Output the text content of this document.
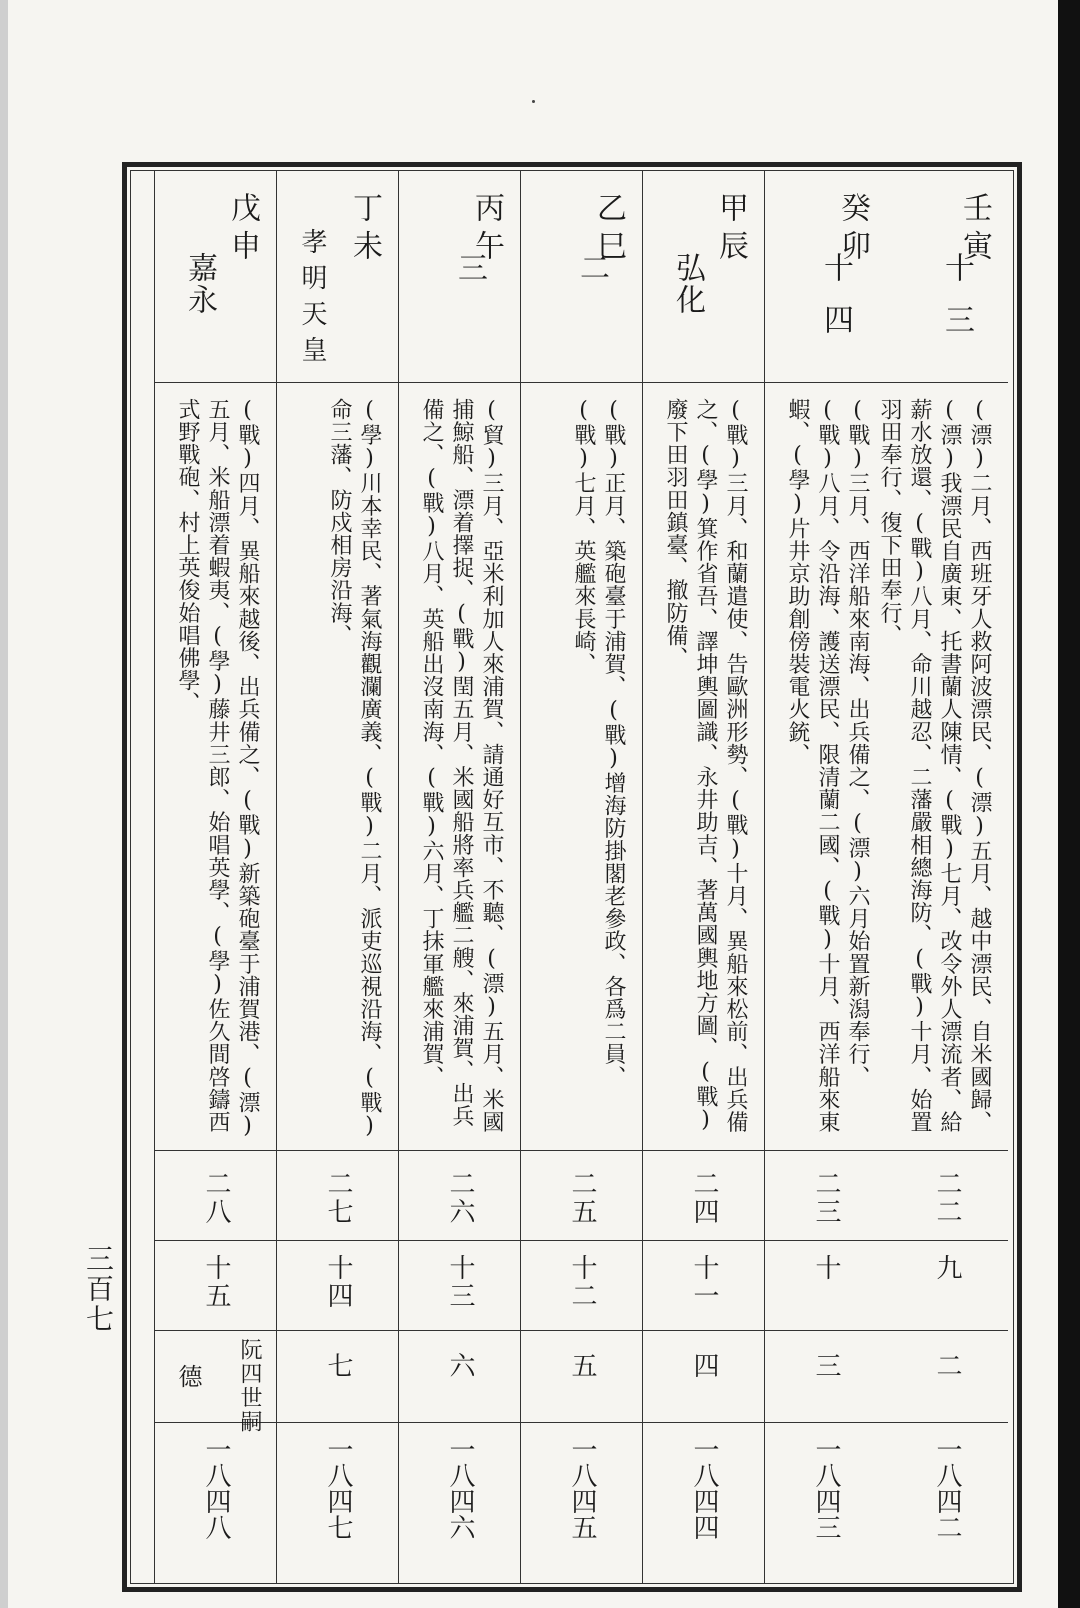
壬寅
十三
(漂)二月、西班牙人救阿波漂民、(漂)五月、越中漂民、自米國歸、(漂)我漂民自廣東、托書蘭人陳情、(戰)七月、改令外人漂流者、給薪水放還、(戰)八月、命川越忍、二藩嚴相總海防、(戰)十月、始置羽田奉行、復下田奉行、
二二
九
二
一八四二
癸卯
十四
(戰)三月、西洋船來南海、出兵備之、(漂)六月始置新潟奉行、(戰)八月、令沿海、護送漂民、限清蘭二國、(戰)十月、西洋船來東蝦、(學)片井京助創傍裝電火銃、
二三
十
三
一八四三
甲辰
弘化
(戰)三月、和蘭遣使、告歐洲形勢、(戰)十月、異船來松前、出兵備之、(學)箕作省吾、譯坤輿圖識、永井助吉、著萬國輿地方圖、(戰)廢下田羽田鎮臺、撤防備、
二四
十一
四
一八四四
乙巳
二
(戰)正月、築砲臺于浦賀、(戰)增海防掛閣老參政、各爲二員、(戰)七月、英艦來長崎、
二五
十二
五
一八四五
丙午
三
(貿)三月、亞米利加人來浦賀、請通好互市、不聽、(漂)五月、米國捕鯨船、漂着擇捉、(戰)閏五月、米國船將率兵艦二艘、來浦賀、出兵備之、(戰)八月、英船出沒南海、(戰)六月、丁抹軍艦來浦賀、
二六
十三
六
一八四六
丁未
孝明天皇
(學)川本幸民、著氣海觀瀾廣義、(戰)二月、派吏巡視沿海、(戰)命三藩、防戍相房沿海、
二七
十四
七
一八四七
戊申
嘉永
(戰)四月、異船來越後、出兵備之、(戰)新築砲臺于浦賀港、(漂)五月、米船漂着蝦夷、(學)藤井三郎、始唱英學、(學)佐久間啓鑄西式野戰砲、村上英俊始唱佛學、
二八
十五
阮四世嗣
德
一八四八
三百七
